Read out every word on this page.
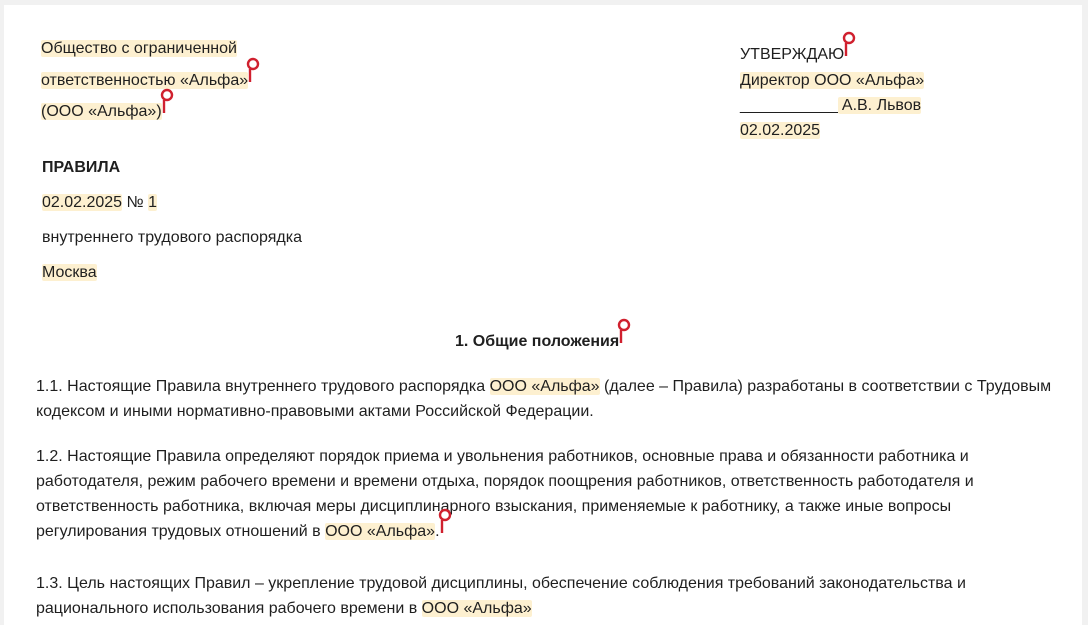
Общество с ограниченной
ответственностью «Альфа»
(ООО «Альфа»)
УТВЕРЖДАЮ
Директор ООО «Альфа»
___________ А.В. Львов
02.02.2025
ПРАВИЛА
02.02.2025 № 1
внутреннего трудового распорядка
Москва
1. Общие положения

1.1. Настоящие Правила внутреннего трудового распорядка ООО «Альфа» (далее – Правила) разработаны в соответствии с Трудовым кодексом и иными нормативно-правовыми актами Российской Федерации.

1.2. Настоящие Правила определяют порядок приема и увольнения работников, основные права и обязанности работника и работодателя, режим рабочего времени и времени отдыха, порядок поощрения работников, ответственность работодателя и ответственность работника, включая меры дисциплинарного взыскания, применяемые к работнику, а также иные вопросы регулирования трудовых отношений в ООО «Альфа».

1.3. Цель настоящих Правил – укрепление трудовой дисциплины, обеспечение соблюдения требований законодательства и рационального использования рабочего времени в ООО «Альфа»
